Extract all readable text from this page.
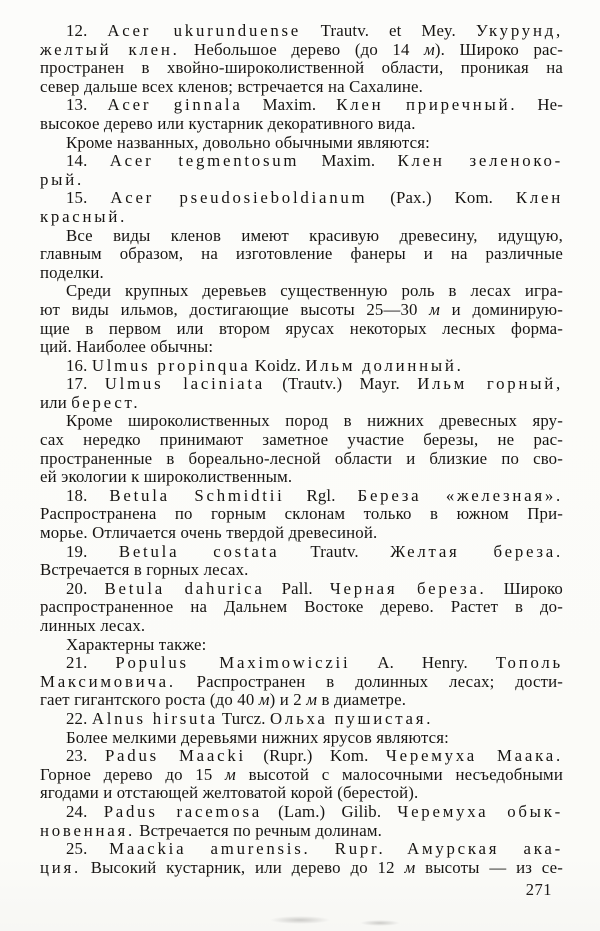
12. Acer ukurunduense Trautv. et Mey. Укурунд,
желтый клен. Небольшое дерево (до 14 м). Широко рас-
пространен в хвойно-широколиственной области, проникая на
север дальше всех кленов; встречается на Сахалине.
13. Acer ginnala Maxim. Клен приречный. Не-
высокое дерево или кустарник декоративного вида.
Кроме названных, довольно обычными являются:
14. Acer tegmentosum Maxim. Клен зеленоко-
рый.
15. Acer pseudosieboldianum (Pax.) Kom. Клен
красный.
Все виды кленов имеют красивую древесину, идущую,
главным образом, на изготовление фанеры и на различные
поделки.
Среди крупных деревьев существенную роль в лесах игра-
ют виды ильмов, достигающие высоты 25—30 м и доминирую-
щие в первом или втором ярусах некоторых лесных форма-
ций. Наиболее обычны:
16. Ulmus propinqua Koidz. Ильм долинный.
17. Ulmus laciniata (Trautv.) Mayr. Ильм горный,
или берест.
Кроме широколиственных пород в нижних древесных яру-
сах нередко принимают заметное участие березы, не рас-
пространенные в бореально-лесной области и близкие по сво-
ей экологии к широколиственным.
18. Betula Schmidtii Rgl. Береза «железная».
Распространена по горным склонам только в южном При-
морье. Отличается очень твердой древесиной.
19. Betula costata Trautv. Желтая береза.
Встречается в горных лесах.
20. Betula dahurica Pall. Черная береза. Широко
распространенное на Дальнем Востоке дерево. Растет в до-
линных лесах.
Характерны также:
21. Populus Maximowiczii A. Henry. Тополь
Максимовича. Распространен в долинных лесах; дости-
гает гигантского роста (до 40 м) и 2 м в диаметре.
22. Alnus hirsuta Turcz. Ольха пушистая.
Более мелкими деревьями нижних ярусов являются:
23. Padus Maacki (Rupr.) Kom. Черемуха Маака.
Горное дерево до 15 м высотой с малосочными несъедобными
ягодами и отстающей желтоватой корой (берестой).
24. Padus racemosa (Lam.) Gilib. Черемуха обык-
новенная. Встречается по речным долинам.
25. Maackia amurensis. Rupr. Амурская ака-
ция. Высокий кустарник, или дерево до 12 м высоты — из се-
271
